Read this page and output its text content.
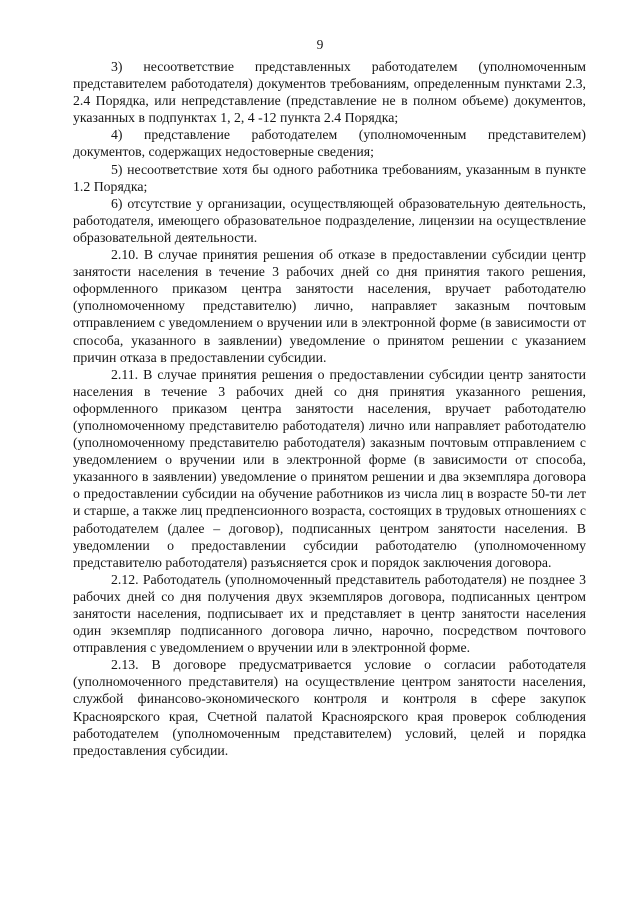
9

3) несоответствие представленных работодателем (уполномоченным представителем работодателя) документов требованиям, определенным пунктами 2.3, 2.4 Порядка, или непредставление (представление не в полном объеме) документов, указанных в подпунктах 1, 2, 4 -12 пункта 2.4 Порядка;

4) представление работодателем (уполномоченным представителем) документов, содержащих недостоверные сведения;

5) несоответствие хотя бы одного работника требованиям, указанным в пункте 1.2 Порядка;

6) отсутствие у организации, осуществляющей образовательную деятельность, работодателя, имеющего образовательное подразделение, лицензии на осуществление образовательной деятельности.

2.10. В случае принятия решения об отказе в предоставлении субсидии центр занятости населения в течение 3 рабочих дней со дня принятия такого решения, оформленного приказом центра занятости населения, вручает работодателю (уполномоченному представителю) лично, направляет заказным почтовым отправлением с уведомлением о вручении или в электронной форме (в зависимости от способа, указанного в заявлении) уведомление о принятом решении с указанием причин отказа в предоставлении субсидии.

2.11. В случае принятия решения о предоставлении субсидии центр занятости населения в течение 3 рабочих дней со дня принятия указанного решения, оформленного приказом центра занятости населения, вручает работодателю (уполномоченному представителю работодателя) лично или направляет работодателю (уполномоченному представителю работодателя) заказным почтовым отправлением с уведомлением о вручении или в электронной форме (в зависимости от способа, указанного в заявлении) уведомление о принятом решении и два экземпляра договора о предоставлении субсидии на обучение работников из числа лиц в возрасте 50-ти лет и старше, а также лиц предпенсионного возраста, состоящих в трудовых отношениях с работодателем (далее – договор), подписанных центром занятости населения. В уведомлении о предоставлении субсидии работодателю (уполномоченному представителю работодателя) разъясняется срок и порядок заключения договора.

2.12. Работодатель (уполномоченный представитель работодателя) не позднее 3 рабочих дней со дня получения двух экземпляров договора, подписанных центром занятости населения, подписывает их и представляет в центр занятости населения один экземпляр подписанного договора лично, нарочно, посредством почтового отправления с уведомлением о вручении или в электронной форме.

2.13. В договоре предусматривается условие о согласии работодателя (уполномоченного представителя) на осуществление центром занятости населения, службой финансово-экономического контроля и контроля в сфере закупок Красноярского края, Счетной палатой Красноярского края проверок соблюдения работодателем (уполномоченным представителем) условий, целей и порядка предоставления субсидии.
